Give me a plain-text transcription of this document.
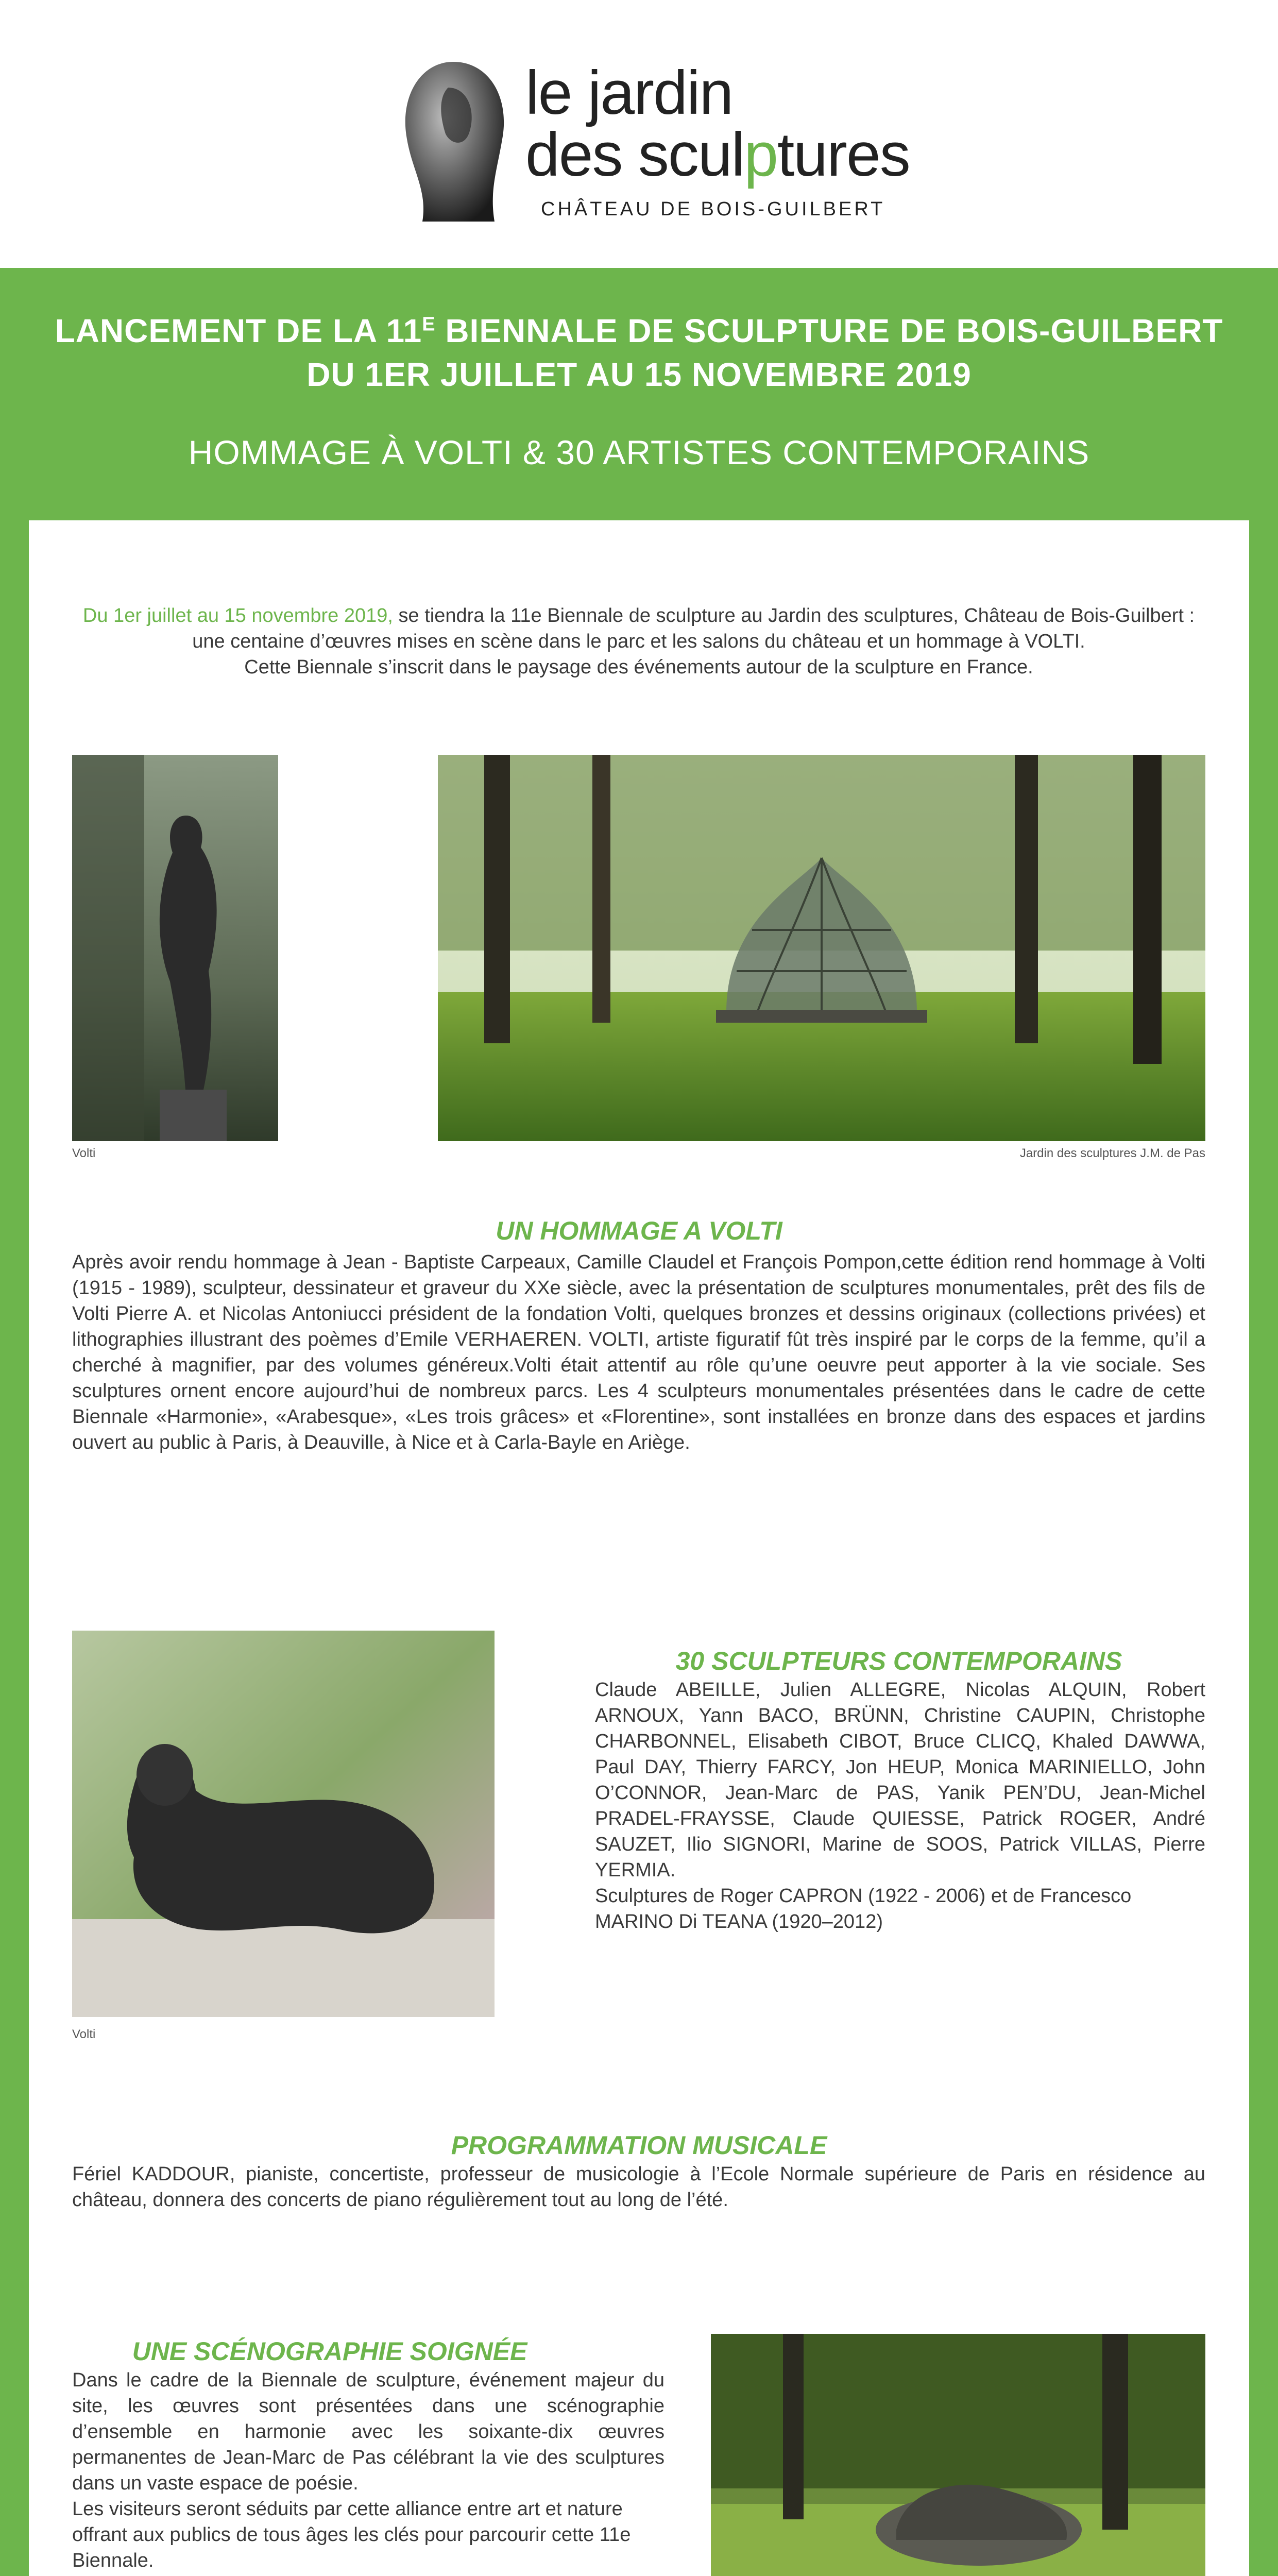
le jardin
des sculptures
CHÂTEAU DE BOIS-GUILBERT
LANCEMENT DE LA $11^E$ BIENNALE DE SCULPTURE DE BOIS-GUILBERT
DU 1ER JUILLET AU 15 NOVEMBRE 2019
HOMMAGE À VOLTI & 30 ARTISTES CONTEMPORAINS
Du 1er juillet au 15 novembre 2019, se tiendra la 11e Biennale de sculpture au Jardin des sculptures, Château de Bois-Guilbert : une centaine d’œuvres mises en scène dans le parc et les salons du château et un hommage à VOLTI.
Cette Biennale s’inscrit dans le paysage des événements autour de la sculpture en France.
Volti	Jardin des sculptures J.M. de Pas
UN HOMMAGE A VOLTI
Après avoir rendu hommage à Jean - Baptiste Carpeaux, Camille Claudel et François Pompon,cette édition rend hommage à Volti (1915 - 1989), sculpteur, dessinateur et graveur du XXe siècle, avec la présentation de sculptures monumentales, prêt des fils de Volti Pierre A. et Nicolas Antoniucci président de la fondation Volti, quelques bronzes et dessins originaux (collections privées) et lithographies illustrant des poèmes d’Emile VERHAEREN. VOLTI, artiste figuratif fût très inspiré par le corps de la femme, qu’il a cherché à magnifier, par des volumes généreux.Volti était attentif au rôle qu’une oeuvre peut apporter à la vie sociale. Ses sculptures ornent encore aujourd’hui de nombreux parcs. Les 4 sculpteurs monumentales présentées dans le cadre de cette Biennale «Harmonie», «Arabesque», «Les trois grâces» et «Florentine», sont installées en bronze dans des espaces et jardins ouvert au public à Paris, à Deauville, à Nice et à Carla-Bayle en Ariège.
Volti
30 SCULPTEURS CONTEMPORAINS
Claude ABEILLE, Julien ALLEGRE, Nicolas ALQUIN, Robert ARNOUX, Yann BACO, BRÜNN, Christine CAUPIN, Christophe CHARBONNEL, Elisabeth CIBOT, Bruce CLICQ, Khaled DAWWA, Paul DAY, Thierry FARCY, Jon HEUP, Monica MARINIELLO, John O’CONNOR, Jean-Marc de PAS, Yanik PEN’DU, Jean-Michel PRADEL-FRAYSSE, Claude QUIESSE, Patrick ROGER, André SAUZET, Ilio SIGNORI, Marine de SOOS, Patrick VILLAS, Pierre YERMIA.

Sculptures de Roger CAPRON (1922 - 2006) et de Francesco MARINO Di TEANA (1920–2012)
PROGRAMMATION MUSICALE
Fériel KADDOUR, pianiste, concertiste, professeur de musicologie à l’Ecole Normale supérieure de Paris en résidence au château, donnera des concerts de piano régulièrement tout au long de l’été.
UNE SCÉNOGRAPHIE SOIGNÉE
Dans le cadre de la Biennale de sculpture, événement majeur du site, les œuvres sont présentées dans une scénographie d’ensemble en harmonie avec les soixante-dix œuvres permanentes de Jean-Marc de Pas célébrant la vie des sculptures dans un vaste espace de poésie.
Les visiteurs seront séduits par cette alliance entre art et nature offrant aux publics de tous âges les clés pour parcourir cette 11e Biennale.
